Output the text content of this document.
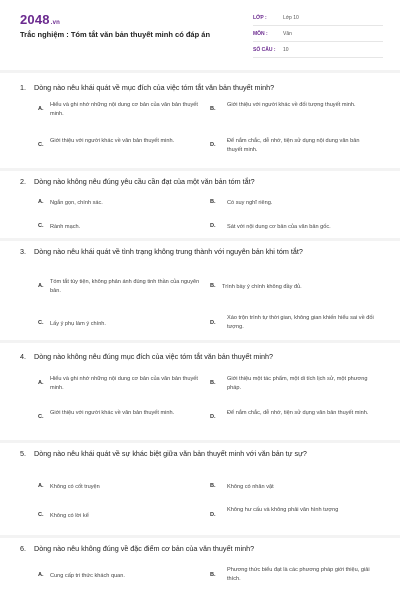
2048.vn
Trắc nghiệm : Tóm tắt văn bản thuyết minh có đáp án
LỚP :	Lớp 10
MÔN :	Văn
SỐ CÂU : 10
1. Dòng nào nêu khái quát về mục đích của việc tóm tắt văn bản thuyết minh?
A.
Hiểu và ghi nhớ những nội dung cơ bản của văn bản thuyết minh.
B.
Giới thiệu với người khác về đối tượng thuyết minh.
C.
Giới thiệu với người khác về văn bản thuyết minh.
D.
Để nắm chắc, dễ nhớ, tiện sử dụng nội dung văn bản thuyết minh.
2. Dòng nào không nêu đúng yêu cầu cần đạt của một văn bản tóm tắt?
A. Ngắn gọn, chính xác.	B. Có suy nghĩ riêng.
C. Rành mạch.	D. Sát với nội dung cơ bản của văn bản gốc.
3. Dòng nào nêu khái quát về tình trạng không trung thành với nguyên bản khi tóm tắt?
A.
Tóm tắt tùy tiện, không phản ánh đúng tinh thần của nguyên bản.
B. Trình bày ý chính không đầy đủ.
C. Lấy ý phụ làm ý chính.	D.
Xáo trộn trình tự thời gian, không gian khiến hiểu sai về đối tượng.
4. Dòng nào không nêu đúng mục đích của việc tóm tắt văn bản thuyết minh?
A.
Hiểu và ghi nhớ những nội dung cơ bản của văn bản thuyết minh.
B.
Giới thiệu một tác phẩm, một di tích lịch sử, một phương pháp.
C.
Giới thiệu với người khác về văn bản thuyết minh.
D.
Để nắm chắc, dễ nhớ, tiện sử dụng văn bản thuyết minh.
5. Dòng nào nêu khái quát về sự khác biệt giữa văn bản thuyết minh với văn bản tự sự?
A. Không có cốt truyện	B. Không có nhân vật
C. Không có lời kể	D.
Không hư cấu và không phải văn hình tượng
6. Dòng nào nêu không đúng về đặc điểm cơ bản của văn thuyết minh?
A. Cung cấp tri thức khách quan.	B.
Phương thức biểu đạt là các phương pháp giới thiệu, giải thích.
